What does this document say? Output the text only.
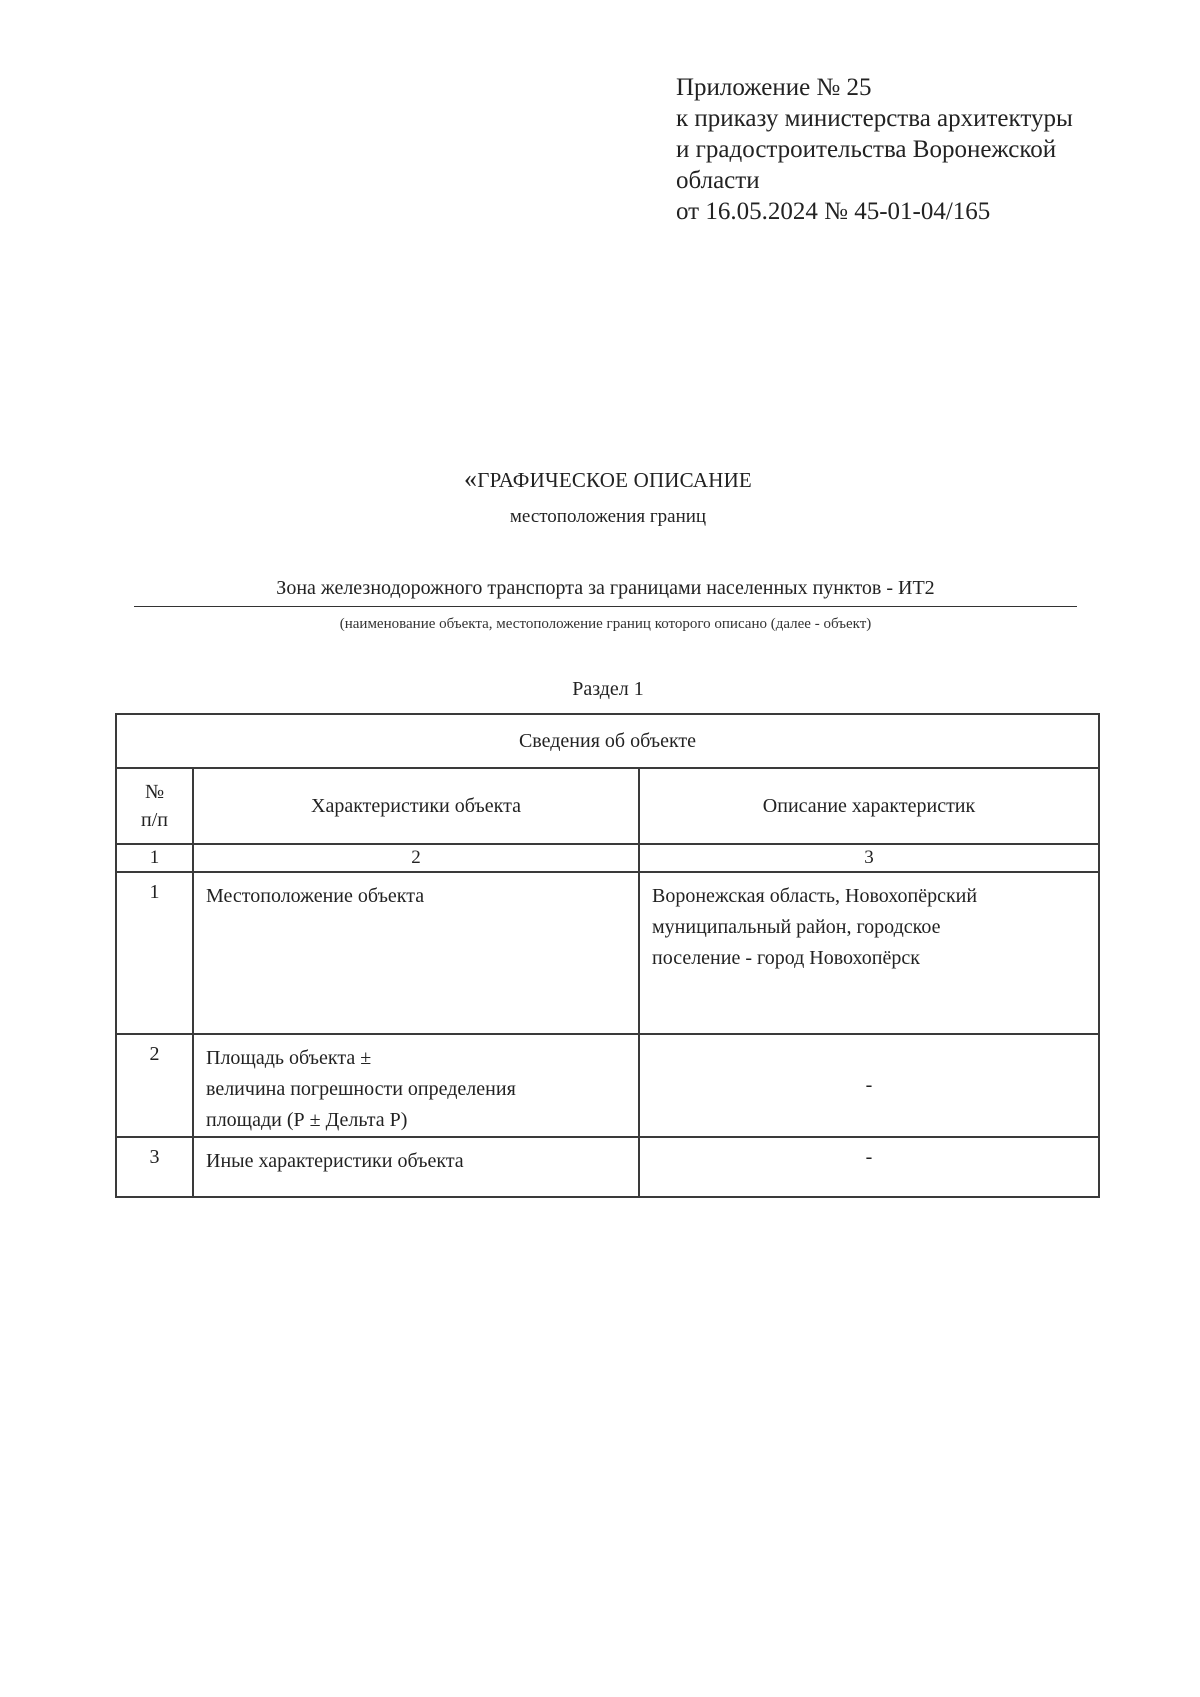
Приложение № 25
к приказу министерства архитектуры
и градостроительства Воронежской
области
от 16.05.2024 № 45-01-04/165
«ГРАФИЧЕСКОЕ ОПИСАНИЕ
местоположения границ
Зона железнодорожного транспорта за границами населенных пунктов - ИТ2
(наименование объекта, местоположение границ которого описано (далее - объект)
Раздел 1
Сведения об объекте		

№
п/п	Характеристики объекта	Описание характеристик
1	2	3
1	Местоположение объекта	Воронежская область, Новохопёрский
муниципальный район, городское
поселение - город Новохопёрск

2	Площадь объекта ±
величина погрешности определения
площади (Р ± Дельта Р)	-
3	Иные характеристики объекта	-
